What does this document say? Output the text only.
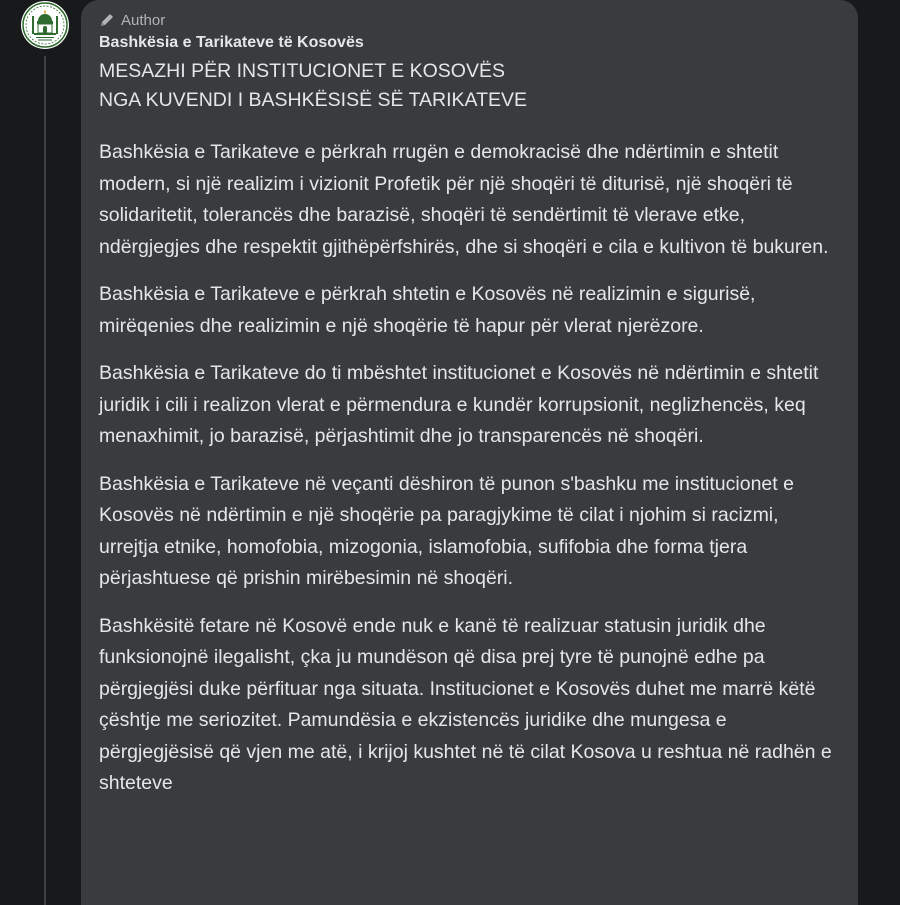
Author
Bashkësia e Tarikateve të Kosovës
MESAZHI PËR INSTITUCIONET E KOSOVËS
NGA KUVENDI I BASHKËSISË SË TARIKATEVE
Bashkësia e Tarikateve e përkrah rrugën e demokracisë dhe ndërtimin e shtetit modern, si një realizim i vizionit Profetik për një shoqëri të diturisë, një shoqëri të solidaritetit, tolerancës dhe barazisë, shoqëri të sendërtimit të vlerave etke, ndërgjegjes dhe respektit gjithëpërfshirës, dhe si shoqëri e cila e kultivon të bukuren.
Bashkësia e Tarikateve e përkrah shtetin e Kosovës në realizimin e sigurisë, mirëqenies dhe realizimin e një shoqërie të hapur për vlerat njerëzore.
Bashkësia e Tarikateve do ti mbështet institucionet e Kosovës në ndërtimin e shtetit juridik i cili i realizon vlerat e përmendura e kundër korrupsionit, neglizhencës, keq menaxhimit, jo barazisë, përjashtimit dhe jo transparencës në shoqëri.
Bashkësia e Tarikateve në veçanti dëshiron të punon s'bashku me institucionet e Kosovës në ndërtimin e një shoqërie pa paragjykime të cilat i njohim si racizmi, urrejtja etnike, homofobia, mizogonia, islamofobia, sufifobia dhe forma tjera përjashtuese që prishin mirëbesimin në shoqëri.
Bashkësitë fetare në Kosovë ende nuk e kanë të realizuar statusin juridik dhe funksionojnë ilegalisht, çka ju mundëson që disa prej tyre të punojnë edhe pa përgjegjësi duke përfituar nga situata. Institucionet e Kosovës duhet me marrë këtë çështje me seriozitet. Pamundësia e ekzistencës juridike dhe mungesa e përgjegjësisë që vjen me atë, i krijoj kushtet në të cilat Kosova u reshtua në radhën e shteteve
